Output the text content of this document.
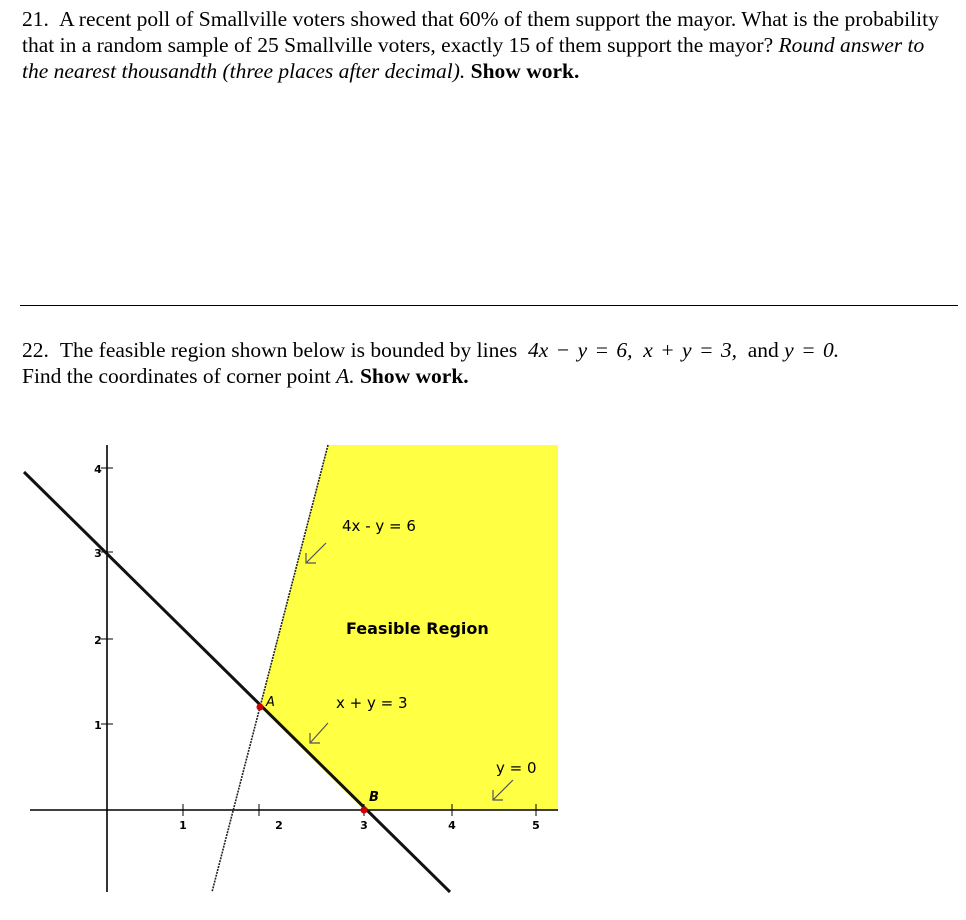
21. A recent poll of Smallville voters showed that 60% of them support the mayor. What is the probability that in a random sample of 25 Smallville voters, exactly 15 of them support the mayor? Round answer to the nearest thousandth (three places after decimal). Show work.
22. The feasible region shown below is bounded by lines 4x − y = 6, x + y = 3, and y = 0.
Find the coordinates of corner point A. Show work.
1	2	3	4	5
1
2
3
4
A
B
4x - y = 6
Feasible Region
x + y = 3
y = 0
